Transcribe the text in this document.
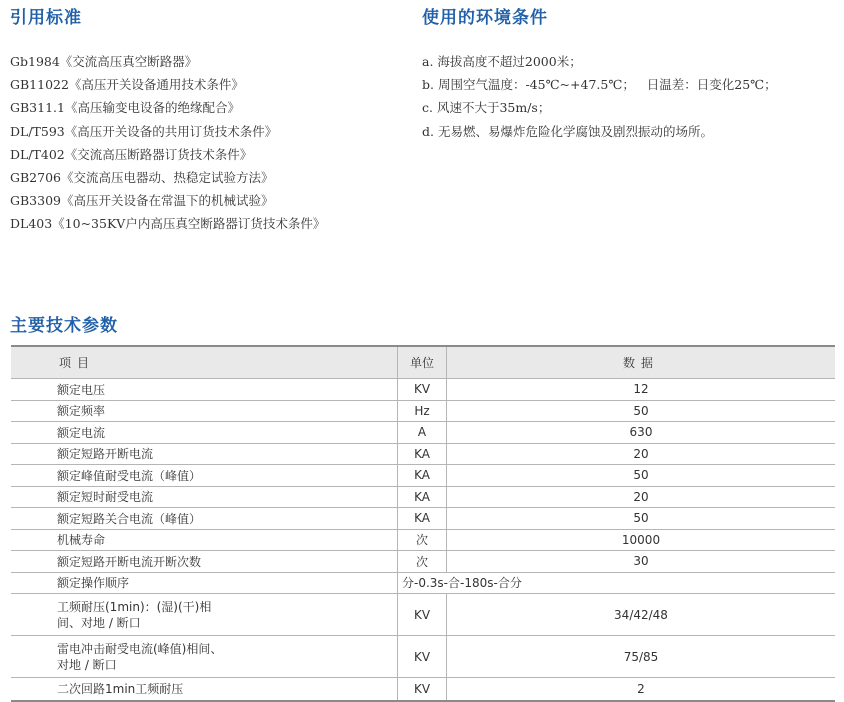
引用标准	使用的环境条件
Gb1984《交流高压真空断路器》
GB11022《高压开关设备通用技术条件》
GB311.1《高压输变电设备的绝缘配合》
DL/T593《高压开关设备的共用订货技术条件》
DL/T402《交流高压断路器订货技术条件》
GB2706《交流高压电器动、热稳定试验方法》
GB3309《高压开关设备在常温下的机械试验》
DL403《10~35KV户内高压真空断路器订货技术条件》
a. 海拔高度不超过2000米；
b. 周围空气温度：-45℃~+47.5℃；   日温差：日变化25℃；
c. 风速不大于35m/s；
d. 无易燃、易爆炸危险化学腐蚀及剧烈振动的场所。
主要技术参数
项目	单位	数据
额定电压	KV	12
额定频率	Hz	50
额定电流	A	630
额定短路开断电流	KA	20
额定峰值耐受电流（峰值）	KA	50
额定短时耐受电流	KA	20
额定短路关合电流（峰值）	KA	50
机械寿命	次	10000
额定短路开断电流开断次数	次	30
额定操作顺序	分-0.3s-合-180s-合分
工频耐压(1min)：(湿)(干)相
间、对地 / 断口
KV	34/42/48
雷电冲击耐受电流(峰值)相间、
对地 / 断口
KV	75/85
二次回路1min工频耐压	KV	2
